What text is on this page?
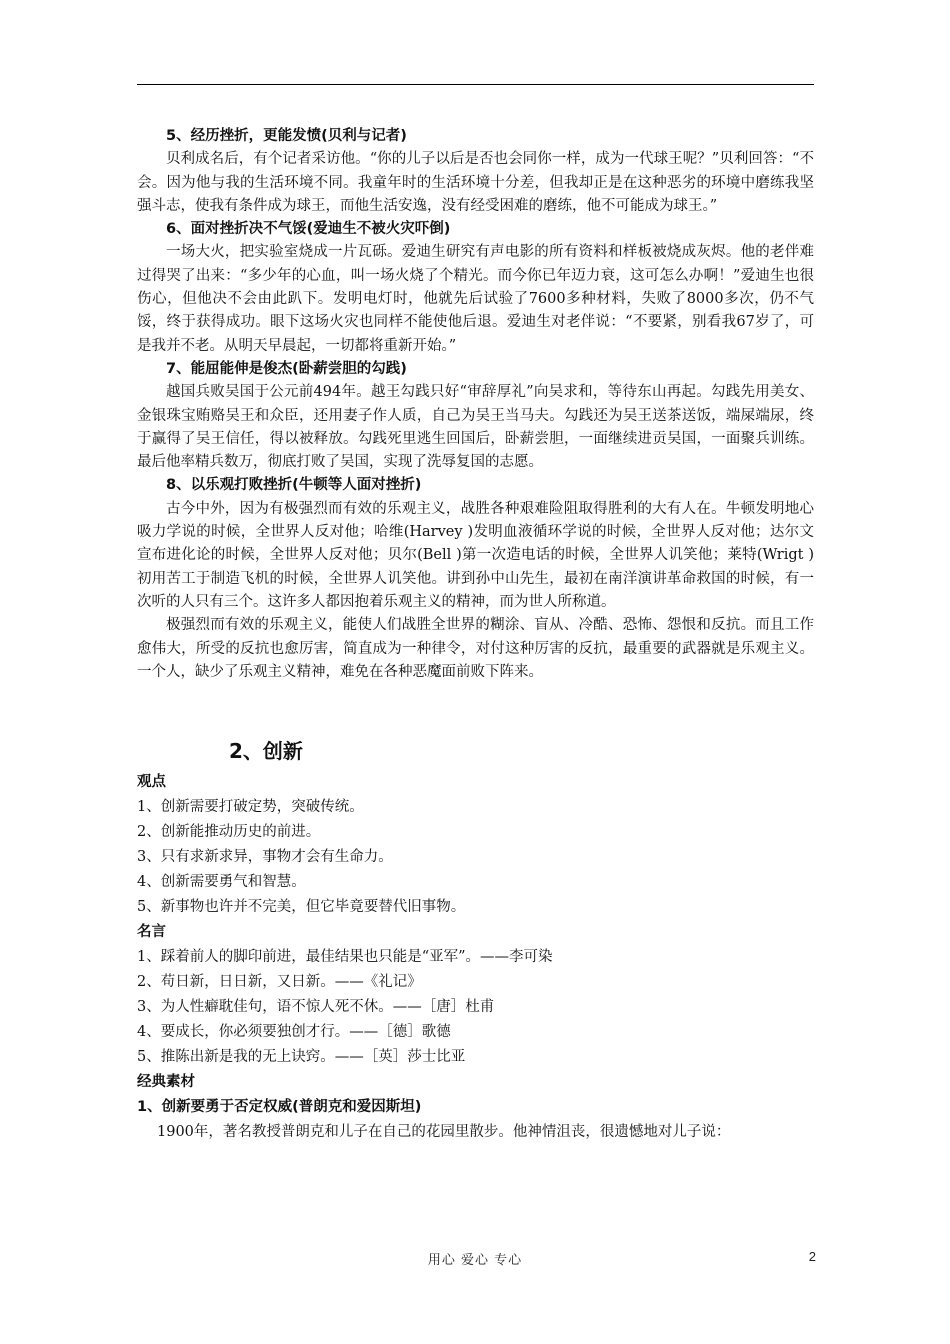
5、经历挫折，更能发愤(贝利与记者)

贝利成名后，有个记者采访他。“你的儿子以后是否也会同你一样，成为一代球王呢？”贝利回答：“不会。因为他与我的生活环境不同。我童年时的生活环境十分差，但我却正是在这种恶劣的环境中磨练我坚强斗志，使我有条件成为球王，而他生活安逸，没有经受困难的磨练，他不可能成为球王。”

6、面对挫折决不气馁(爱迪生不被火灾吓倒)

一场大火，把实验室烧成一片瓦砾。爱迪生研究有声电影的所有资料和样板被烧成灰烬。他的老伴难过得哭了出来：“多少年的心血，叫一场火烧了个精光。而今你已年迈力衰，这可怎么办啊！”爱迪生也很伤心，但他决不会由此趴下。发明电灯时，他就先后试验了7600多种材料，失败了8000多次，仍不气馁，终于获得成功。眼下这场火灾也同样不能使他后退。爱迪生对老伴说：“不要紧，别看我67岁了，可是我并不老。从明天早晨起，一切都将重新开始。”

7、能屈能伸是俊杰(卧薪尝胆的勾践)

越国兵败吴国于公元前494年。越王勾践只好“审辞厚礼”向吴求和，等待东山再起。勾践先用美女、金银珠宝贿赂吴王和众臣，还用妻子作人质，自己为吴王当马夫。勾践还为吴王送茶送饭，端屎端尿，终于赢得了吴王信任，得以被释放。勾践死里逃生回国后，卧薪尝胆，一面继续进贡吴国，一面聚兵训练。最后他率精兵数万，彻底打败了吴国，实现了洗辱复国的志愿。

8、以乐观打败挫折(牛顿等人面对挫折)

古今中外，因为有极强烈而有效的乐观主义，战胜各种艰难险阻取得胜利的大有人在。牛顿发明地心吸力学说的时候，全世界人反对他；哈维(Harvey )发明血液循环学说的时候，全世界人反对他；达尔文宣布进化论的时候，全世界人反对他；贝尔(Bell )第一次造电话的时候，全世界人讥笑他；莱特(Wrigt )初用苦工于制造飞机的时候，全世界人讥笑他。讲到孙中山先生，最初在南洋演讲革命救国的时候，有一次听的人只有三个。这许多人都因抱着乐观主义的精神，而为世人所称道。

极强烈而有效的乐观主义，能使人们战胜全世界的糊涂、盲从、冷酷、恐怖、怨恨和反抗。而且工作愈伟大，所受的反抗也愈厉害，简直成为一种律令，对付这种厉害的反抗，最重要的武器就是乐观主义。一个人，缺少了乐观主义精神，难免在各种恶魔面前败下阵来。

2、创新
观点
1、创新需要打破定势，突破传统。
2、创新能推动历史的前进。
3、只有求新求异，事物才会有生命力。
4、创新需要勇气和智慧。
5、新事物也许并不完美，但它毕竟要替代旧事物。
名言
1、踩着前人的脚印前进，最佳结果也只能是“亚军”。——李可染
2、苟日新，日日新，又日新。——《礼记》
3、为人性癖耽佳句，语不惊人死不休。——［唐］杜甫
4、要成长，你必须要独创才行。——［德］歌德
5、推陈出新是我的无上诀窍。——［英］莎士比亚
经典素材
1、创新要勇于否定权威(普朗克和爱因斯坦)
1900年，著名教授普朗克和儿子在自己的花园里散步。他神情沮丧，很遗憾地对儿子说：
用心 爱心 专心	2
